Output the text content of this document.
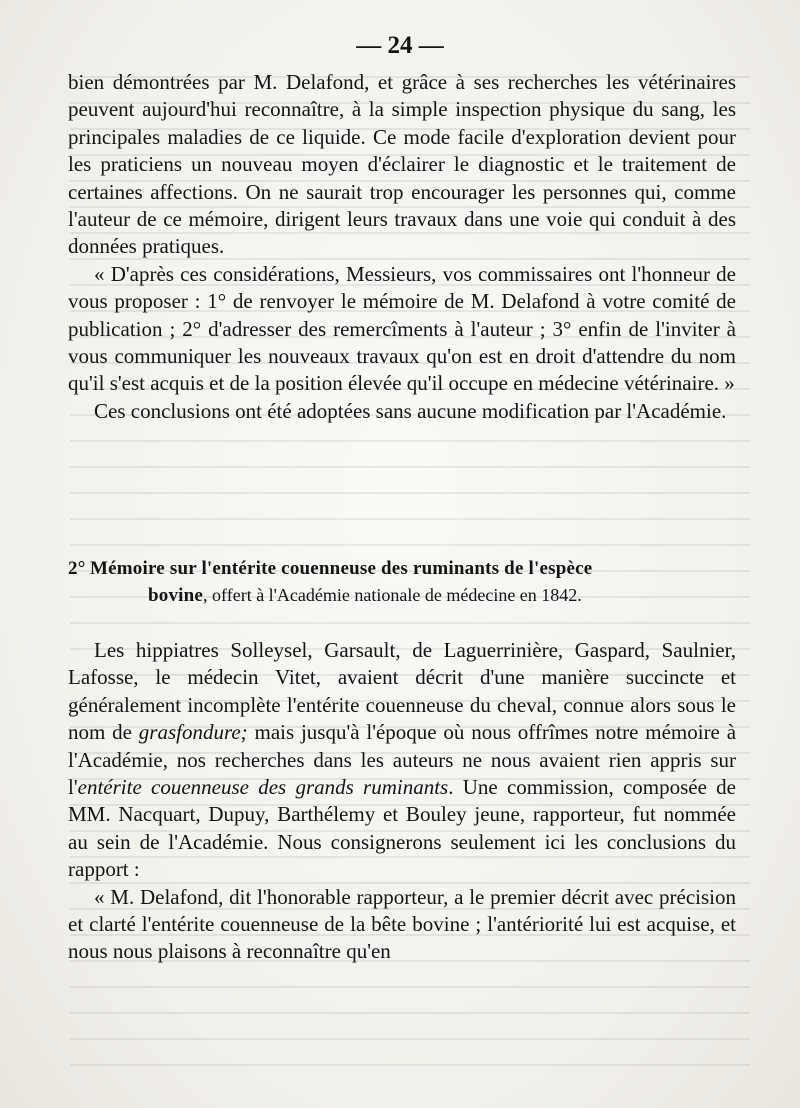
— 24 —

bien démontrées par M. Delafond, et grâce à ses recherches les vétérinaires peuvent aujourd'hui reconnaître, à la simple inspection physique du sang, les principales maladies de ce liquide. Ce mode facile d'exploration devient pour les praticiens un nouveau moyen d'éclairer le diagnostic et le traitement de certaines affections. On ne saurait trop encourager les personnes qui, comme l'auteur de ce mémoire, dirigent leurs travaux dans une voie qui conduit à des données pratiques.

« D'après ces considérations, Messieurs, vos commissaires ont l'honneur de vous proposer : 1° de renvoyer le mémoire de M. Delafond à votre comité de publication ; 2° d'adresser des remercîments à l'auteur ; 3° enfin de l'inviter à vous communiquer les nouveaux travaux qu'on est en droit d'attendre du nom qu'il s'est acquis et de la position élevée qu'il occupe en médecine vétérinaire. »

Ces conclusions ont été adoptées sans aucune modification par l'Académie.

2° Mémoire sur l'entérite couenneuse des ruminants de l'espèce
bovine, offert à l'Académie nationale de médecine en 1842.

Les hippiatres Solleysel, Garsault, de Laguerrinière, Gaspard, Saulnier, Lafosse, le médecin Vitet, avaient décrit d'une manière succincte et généralement incomplète l'entérite couenneuse du cheval, connue alors sous le nom de grasfondure; mais jusqu'à l'époque où nous offrîmes notre mémoire à l'Académie, nos recherches dans les auteurs ne nous avaient rien appris sur l'entérite couenneuse des grands ruminants. Une commission, composée de MM. Nacquart, Dupuy, Barthélemy et Bouley jeune, rapporteur, fut nommée au sein de l'Académie. Nous consignerons seulement ici les conclusions du rapport :

« M. Delafond, dit l'honorable rapporteur, a le premier décrit avec précision et clarté l'entérite couenneuse de la bête bovine ; l'antériorité lui est acquise, et nous nous plaisons à reconnaître qu'en
